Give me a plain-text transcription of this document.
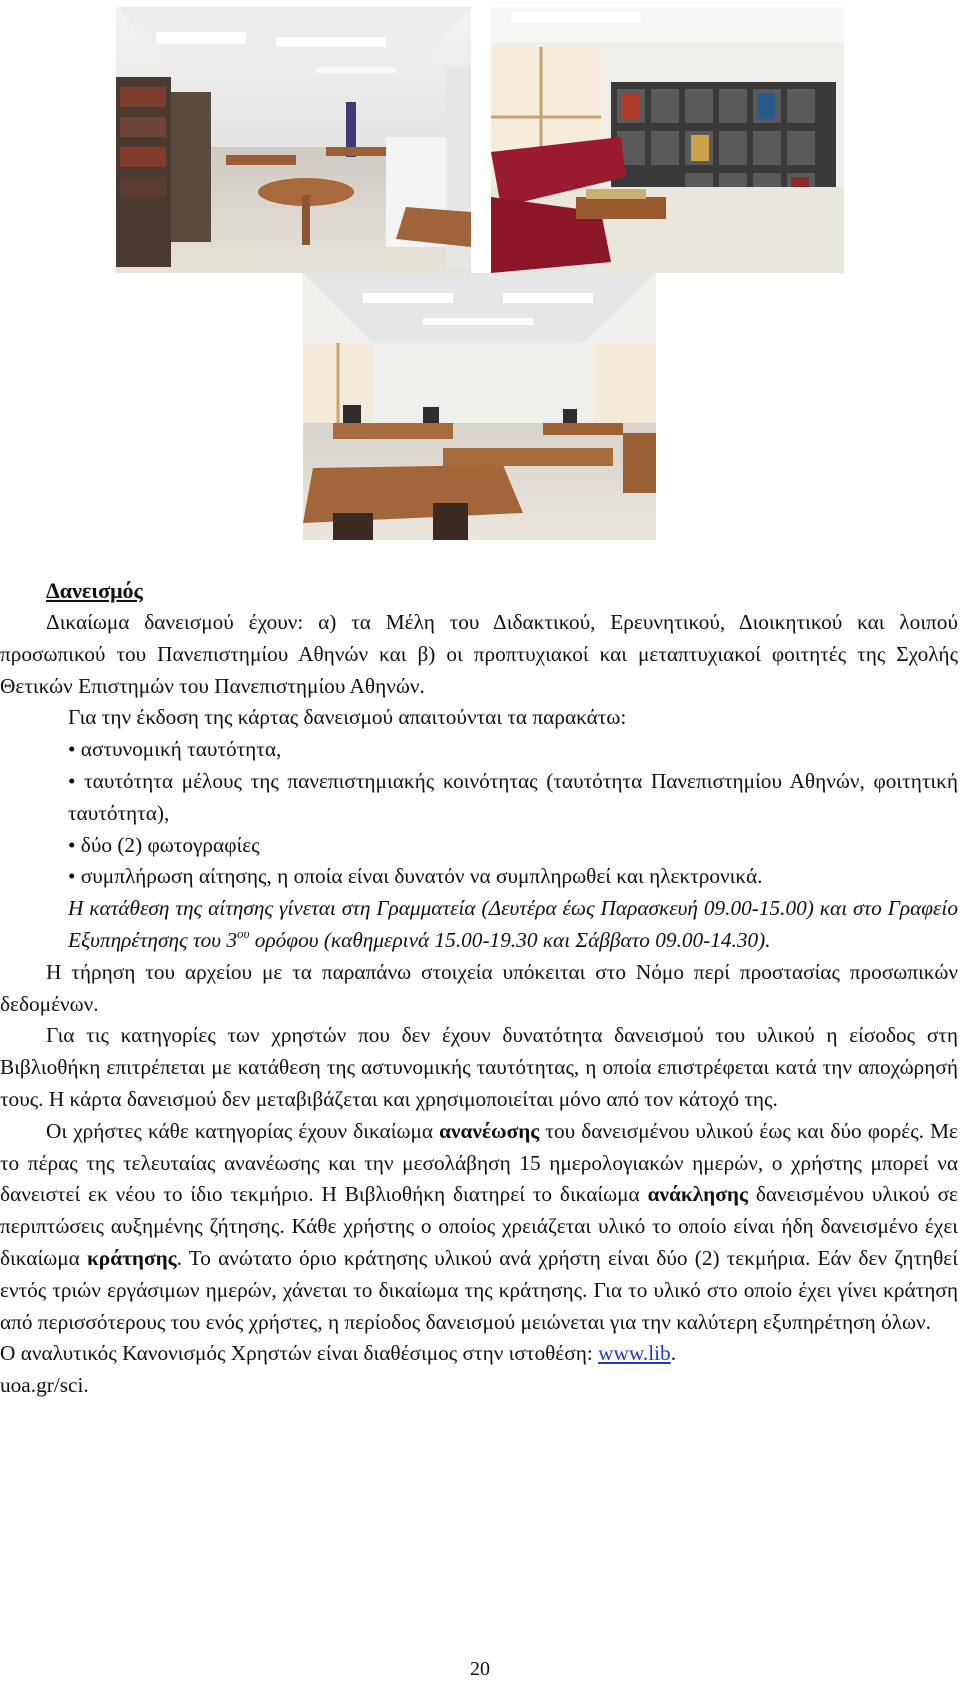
Δανεισμός

Δικαίωμα δανεισμού έχουν: α) τα Μέλη του Διδακτικού, Ερευνητικού, Διοικητικού και λοιπού προσωπικού του Πανεπιστημίου Αθηνών και β) οι προπτυχιακοί και μεταπτυχιακοί φοιτητές της Σχολής Θετικών Επιστημών του Πανεπιστημίου Αθηνών.

Για την έκδοση της κάρτας δανεισμού απαιτούνται τα παρακάτω:

• αστυνομική ταυτότητα,

• ταυτότητα μέλους της πανεπιστημιακής κοινότητας (ταυτότητα Πανεπιστημίου Αθηνών, φοιτητική ταυτότητα),

• δύο (2) φωτογραφίες

• συμπλήρωση αίτησης, η οποία είναι δυνατόν να συμπληρωθεί και ηλεκτρονικά.

Η κατάθεση της αίτησης γίνεται στη Γραμματεία (Δευτέρα έως Παρασκευή 09.00-15.00) και στο Γραφείο Εξυπηρέτησης του $3^{o\upsilon}$ ορόφου (καθημερινά 15.00-19.30 και Σάββατο 09.00-14.30).

Η τήρηση του αρχείου με τα παραπάνω στοιχεία υπόκειται στο Νόμο περί προστασίας προσωπικών δεδομένων.

Για τις κατηγορίες των χρηστών που δεν έχουν δυνατότητα δανεισμού του υλικού η είσοδος στη Βιβλιοθήκη επιτρέπεται με κατάθεση της αστυνομικής ταυτότητας, η οποία επιστρέφεται κατά την αποχώρησή τους. Η κάρτα δανεισμού δεν μεταβιβάζεται και χρησιμοποιείται μόνο από τον κάτοχό της.

Οι χρήστες κάθε κατηγορίας έχουν δικαίωμα ανανέωσης του δανεισμένου υλικού έως και δύο φορές. Με το πέρας της τελευταίας ανανέωσης και την μεσολάβηση 15 ημερολογιακών ημερών, ο χρήστης μπορεί να δανειστεί εκ νέου το ίδιο τεκμήριο. Η Βιβλιοθήκη διατηρεί το δικαίωμα ανάκλησης δανεισμένου υλικού σε περιπτώσεις αυξημένης ζήτησης. Κάθε χρήστης ο οποίος χρειάζεται υλικό το οποίο είναι ήδη δανεισμένο έχει δικαίωμα κράτησης. Το ανώτατο όριο κράτησης υλικού ανά χρήστη είναι δύο (2) τεκμήρια. Εάν δεν ζητηθεί εντός τριών εργάσιμων ημερών, χάνεται το δικαίωμα της κράτησης. Για το υλικό στο οποίο έχει γίνει κράτηση από περισσότερους του ενός χρήστες, η περίοδος δανεισμού μειώνεται για την καλύτερη εξυπηρέτηση όλων.

Ο αναλυτικός Κανονισμός Χρηστών είναι διαθέσιμος στην ιστοθέση: www.lib.
uoa.gr/sci.

20
